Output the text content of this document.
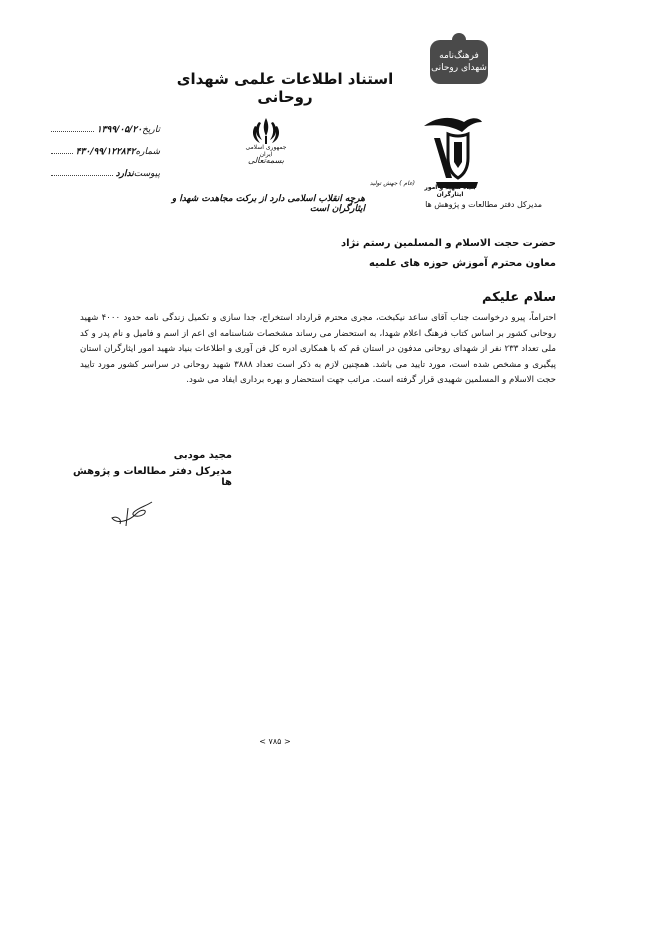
فرهنگ‌نامه
شهدای روحانی
استناد اطلاعات علمی شهدای روحانی
تاریخ
۱۳۹۹/۰۵/۲۰
شماره
۴۳۰/۹۹/۱۲۲۸۴۲
پیوست
ندارد
جمهوری اسلامی ایران
بسمه‌تعالی
بنیاد شهید و امور ایثارگران
مدیرکل دفتر مطالعات و پژوهش ها
(عام ) جهش تولید
هرچه انقلاب اسلامی دارد از برکت مجاهدت شهدا و ایثارگران است
حضرت حجت الاسلام و المسلمین رستم نژاد
معاون محترم آموزش حوزه های علمیه
سلام علیکم
احتراماً، پیرو درخواست جناب آقای ساعد نیکبخت، مجری محترم قرارداد استخراج، جدا سازی و تکمیل زندگی نامه حدود ۴۰۰۰ شهید روحانی کشور بر اساس کتاب فرهنگ اعلام شهدا، به استحضار می رساند مشخصات شناسنامه ای اعم از اسم و فامیل و نام پدر و کد ملی تعداد ۲۳۳ نفر از شهدای روحانی مدفون در استان قم که با همکاری ادره کل فن آوری و اطلاعات بنیاد شهید امور ایثارگران استان پیگیری و مشخص شده است، مورد تایید می باشد. همچنین لازم به ذکر است تعداد ۳۸۸۸ شهید روحانی در سراسر کشور مورد تایید حجت الاسلام و المسلمین شهیدی قرار گرفته است. مراتب جهت استحضار و بهره برداری ایفاد می شود.
مجید مودبی
مدیرکل دفتر مطالعات و پژوهش ها
< ۷۸۵ >
